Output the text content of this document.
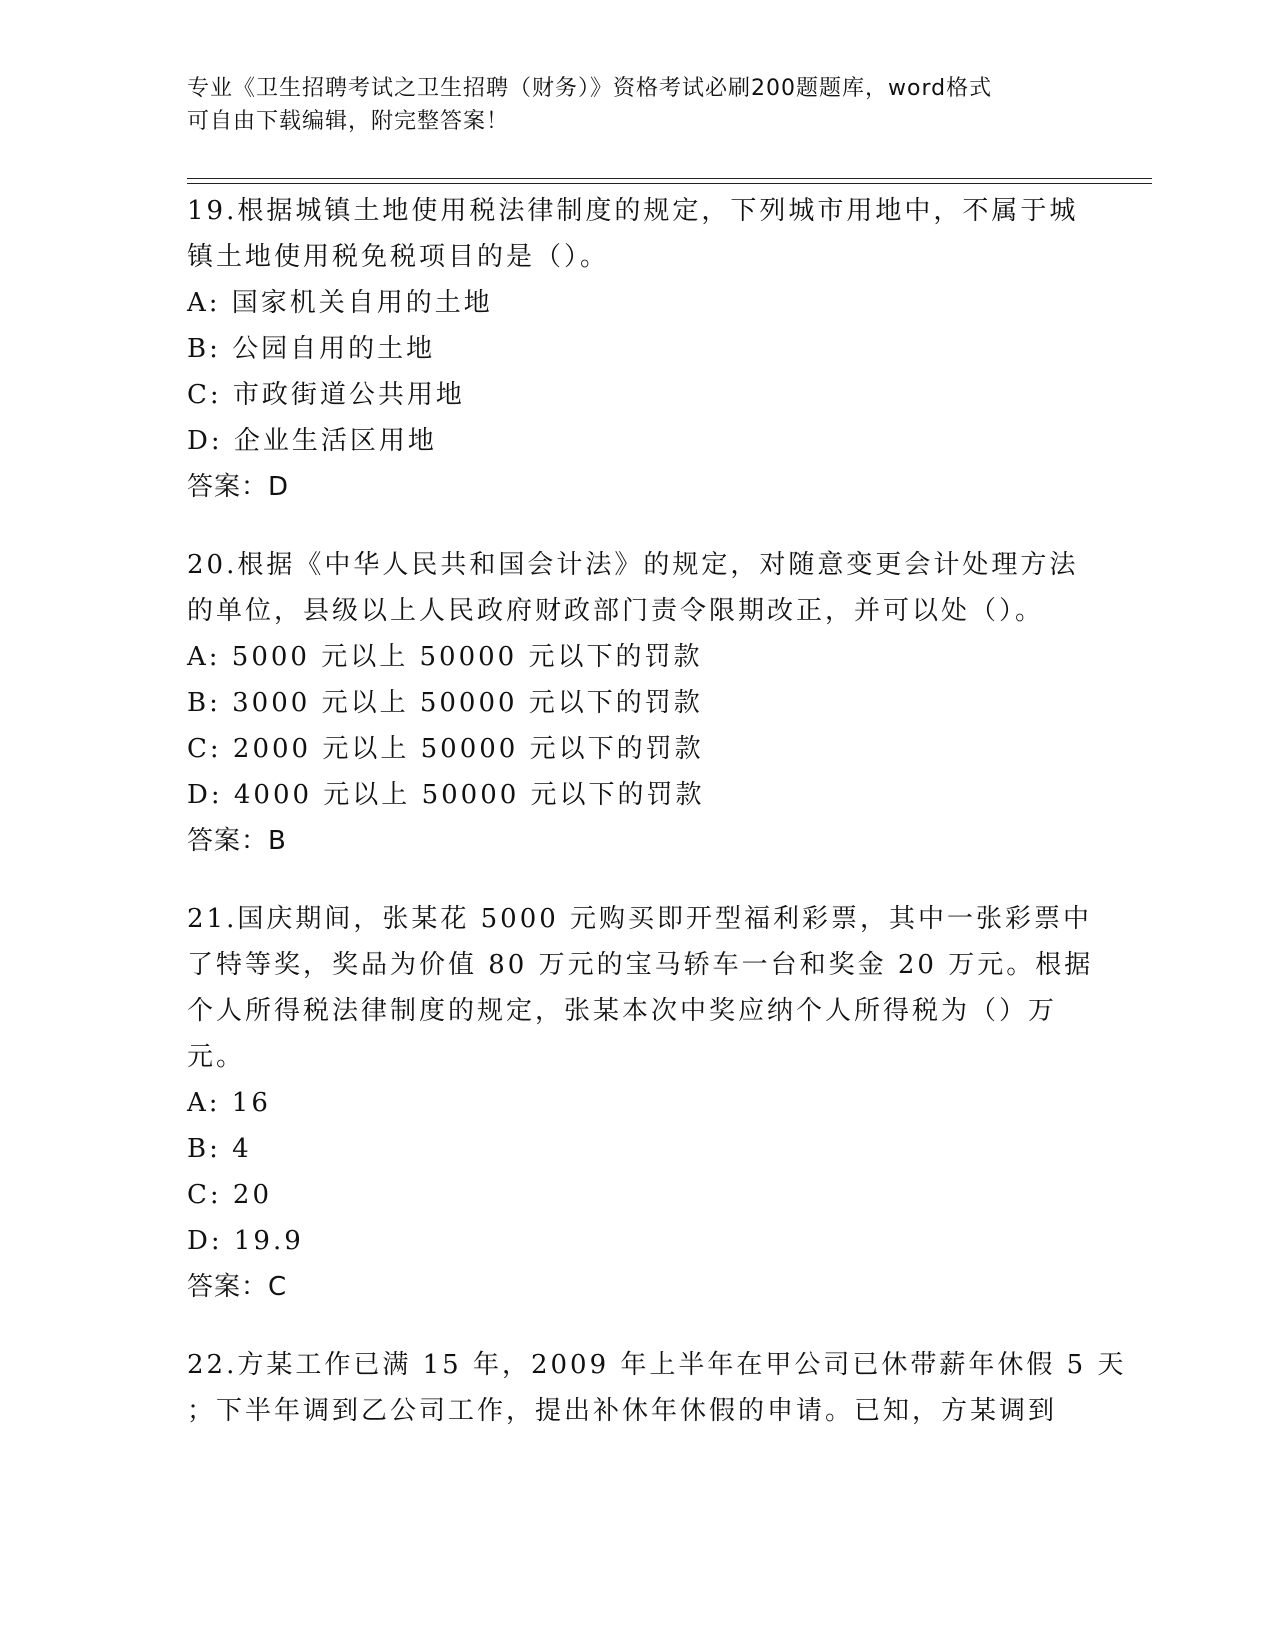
专业《卫生招聘考试之卫生招聘（财务）》资格考试必刷200题题库，word格式
可自由下载编辑，附完整答案！
19.根据城镇土地使用税法律制度的规定，下列城市用地中，不属于城
镇土地使用税免税项目的是（）。
A: 国家机关自用的土地
B: 公园自用的土地
C: 市政街道公共用地
D: 企业生活区用地
答案：D
20.根据《中华人民共和国会计法》的规定，对随意变更会计处理方法
的单位，县级以上人民政府财政部门责令限期改正，并可以处（）。
A: 5000 元以上 50000 元以下的罚款
B: 3000 元以上 50000 元以下的罚款
C: 2000 元以上 50000 元以下的罚款
D: 4000 元以上 50000 元以下的罚款
答案：B
21.国庆期间，张某花 5000 元购买即开型福利彩票，其中一张彩票中
了特等奖，奖品为价值 80 万元的宝马轿车一台和奖金 20 万元。根据
个人所得税法律制度的规定，张某本次中奖应纳个人所得税为（）万
元。
A: 16
B: 4
C: 20
D: 19.9
答案：C
22.方某工作已满 15 年，2009 年上半年在甲公司已休带薪年休假 5 天
；下半年调到乙公司工作，提出补休年休假的申请。已知，方某调到
